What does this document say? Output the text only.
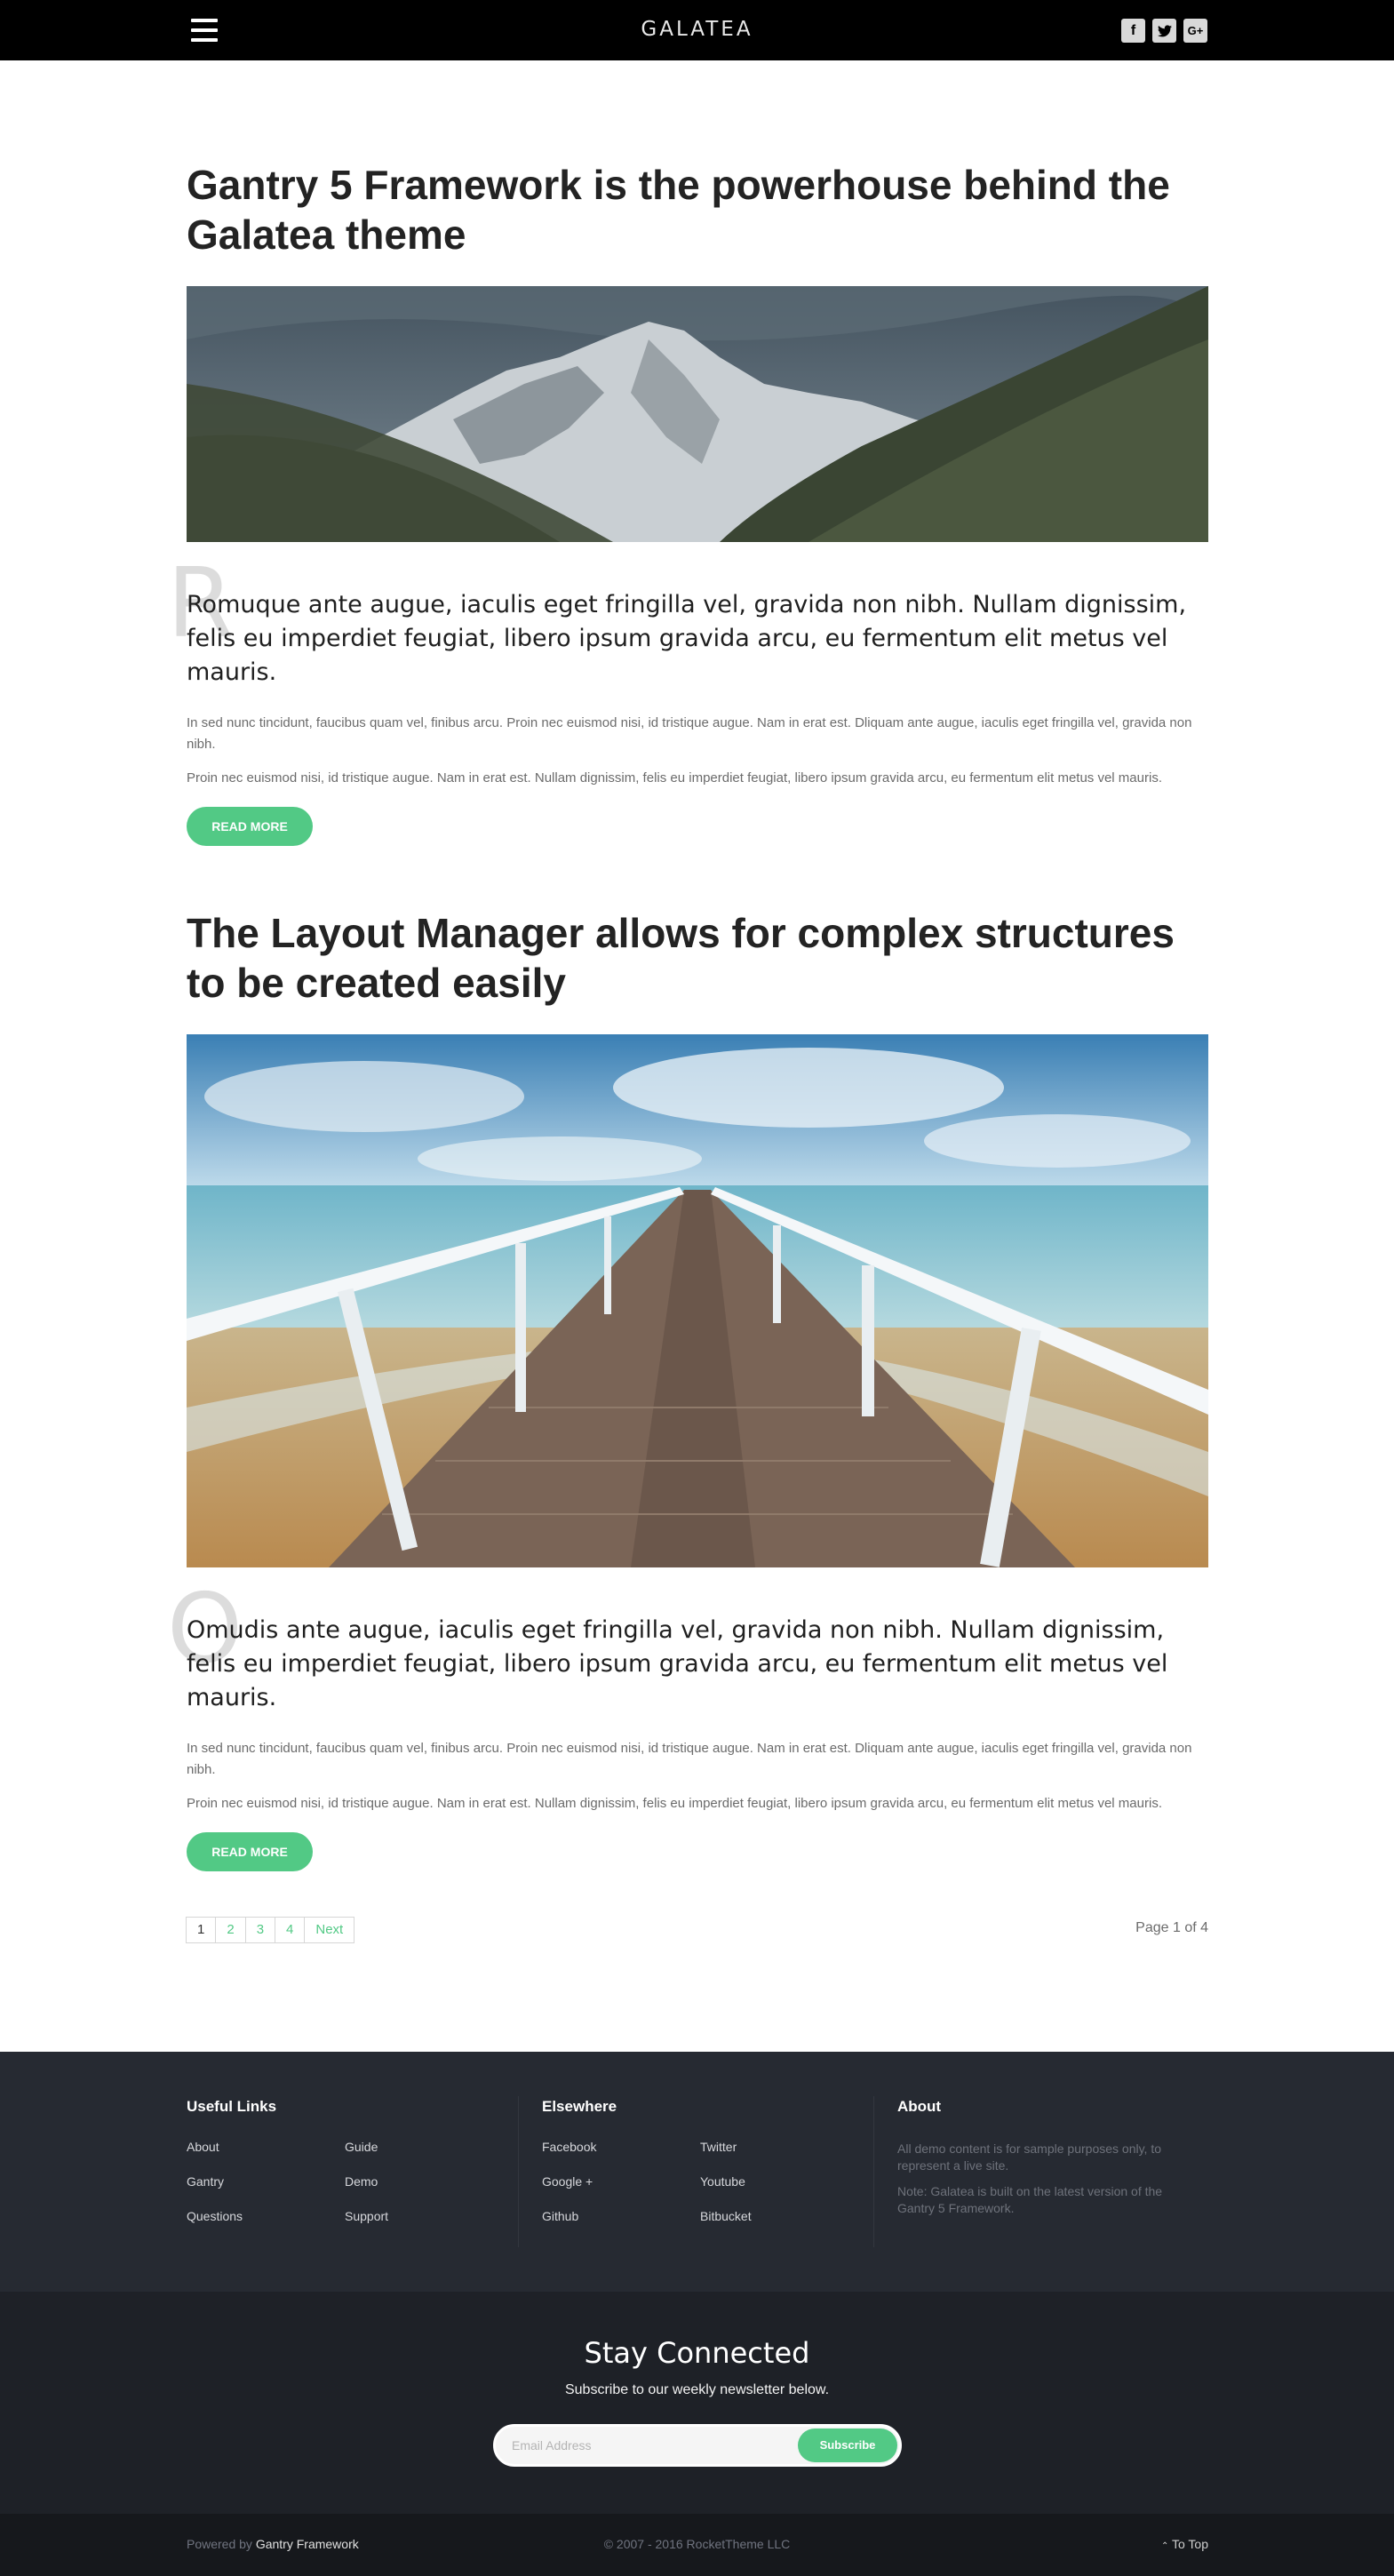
GALATEA	f	G+
Gantry 5 Framework is the powerhouse behind the Galatea theme
R
Romuque ante augue, iaculis eget fringilla vel, gravida non nibh. Nullam dignissim, felis eu imperdiet feugiat, libero ipsum gravida arcu, eu fermentum elit metus vel mauris.

In sed nunc tincidunt, faucibus quam vel, finibus arcu. Proin nec euismod nisi, id tristique augue. Nam in erat est. Dliquam ante augue, iaculis eget fringilla vel, gravida non nibh.

Proin nec euismod nisi, id tristique augue. Nam in erat est. Nullam dignissim, felis eu imperdiet feugiat, libero ipsum gravida arcu, eu fermentum elit metus vel mauris.

READ MORE
The Layout Manager allows for complex structures to be created easily
O
Omudis ante augue, iaculis eget fringilla vel, gravida non nibh. Nullam dignissim, felis eu imperdiet feugiat, libero ipsum gravida arcu, eu fermentum elit metus vel mauris.

In sed nunc tincidunt, faucibus quam vel, finibus arcu. Proin nec euismod nisi, id tristique augue. Nam in erat est. Dliquam ante augue, iaculis eget fringilla vel, gravida non nibh.

Proin nec euismod nisi, id tristique augue. Nam in erat est. Nullam dignissim, felis eu imperdiet feugiat, libero ipsum gravida arcu, eu fermentum elit metus vel mauris.

READ MORE
1	2	3	4	Next	Page 1 of 4
Useful Links
About	Guide
Gantry	Demo
Questions	Support
Elsewhere
Facebook	Twitter
Google +	Youtube
Github	Bitbucket
About

All demo content is for sample purposes only, to represent a live site.

Note: Galatea is built on the latest version of the Gantry 5 Framework.

Stay Connected

Subscribe to our weekly newsletter below.

Email Address
Subscribe
Powered by Gantry Framework	© 2007 - 2016 RocketTheme LLC	⌃ To Top
